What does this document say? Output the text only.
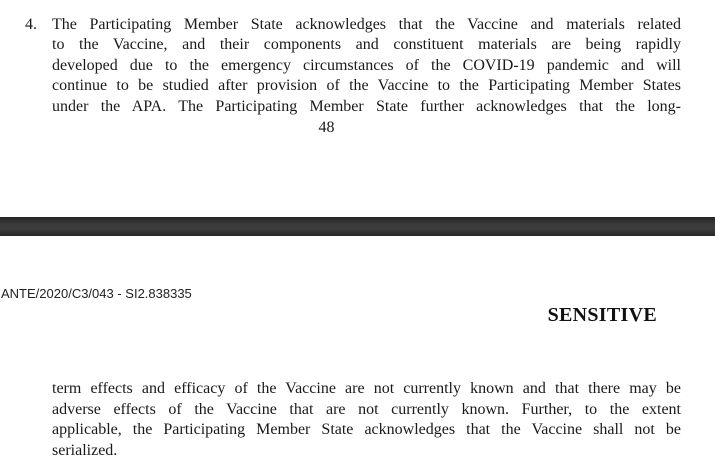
4. The Participating Member State acknowledges that the Vaccine and materials related
to the Vaccine, and their components and constituent materials are being rapidly
developed due to the emergency circumstances of the COVID-19 pandemic and will
continue to be studied after provision of the Vaccine to the Participating Member States
under the APA. The Participating Member State further acknowledges that the long-
48
ANTE/2020/C3/043 - SI2.838335
SENSITIVE
term effects and efficacy of the Vaccine are not currently known and that there may be
adverse effects of the Vaccine that are not currently known. Further, to the extent
applicable, the Participating Member State acknowledges that the Vaccine shall not be
serialized.
